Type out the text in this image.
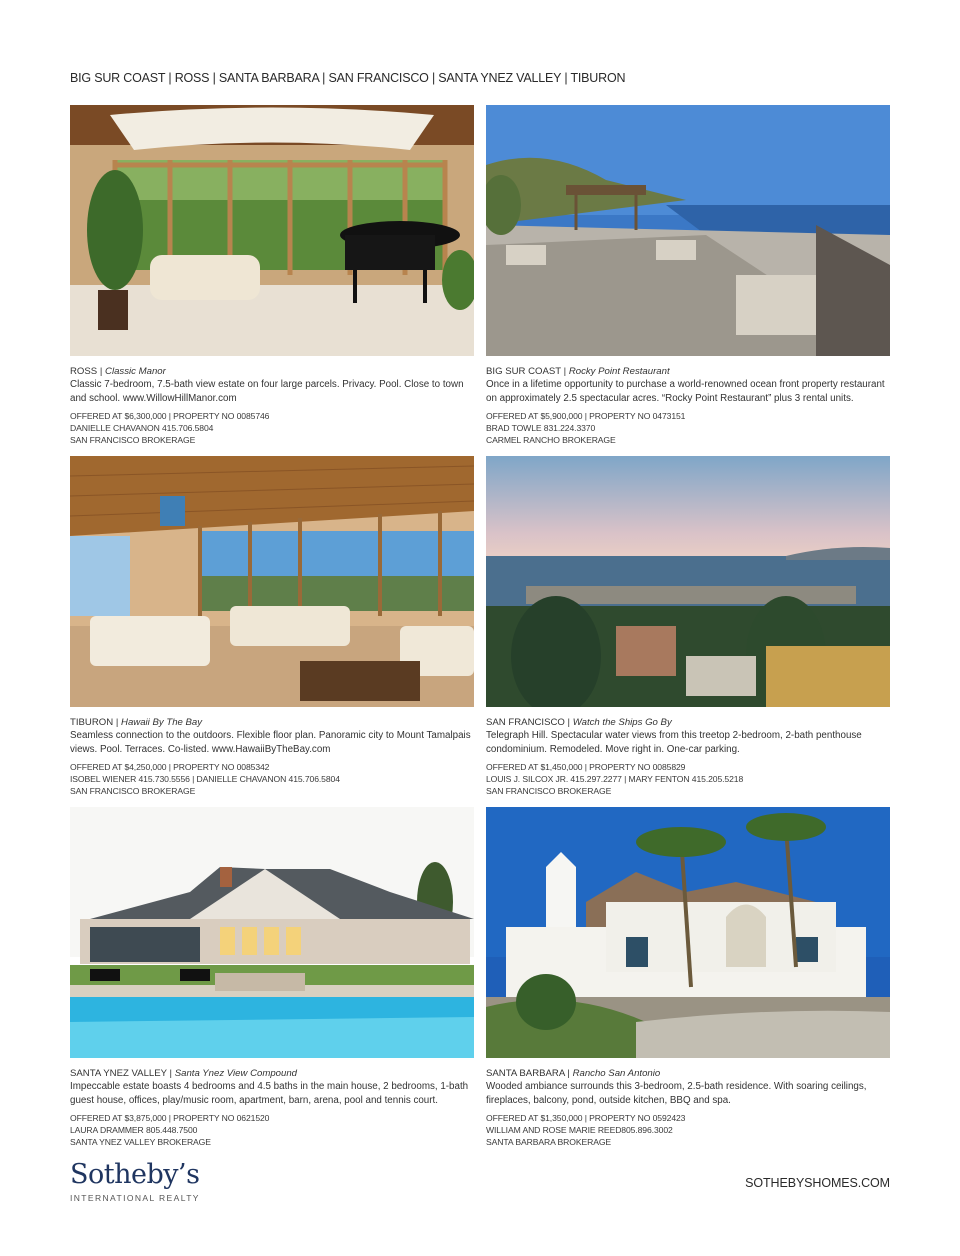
BIG SUR COAST | ROSS | SANTA BARBARA | SAN FRANCISCO | SANTA YNEZ VALLEY | TIBURON
ROSS | Classic Manor
Classic 7-bedroom, 7.5-bath view estate on four large parcels. Privacy. Pool. Close to town and school. www.WillowHillManor.com
OFFERED AT $6,300,000 | PROPERTY NO 0085746
DANIELLE CHAVANON 415.706.5804
SAN FRANCISCO BROKERAGE
BIG SUR COAST | Rocky Point Restaurant
Once in a lifetime opportunity to purchase a world-renowned ocean front property restaurant on approximately 2.5 spectacular acres. “Rocky Point Restaurant” plus 3 rental units.
OFFERED AT $5,900,000 | PROPERTY NO 0473151
BRAD TOWLE 831.224.3370
CARMEL RANCHO BROKERAGE
TIBURON | Hawaii By The Bay
Seamless connection to the outdoors. Flexible floor plan. Panoramic city to Mount Tamalpais views. Pool. Terraces. Co-listed. www.HawaiiByTheBay.com
OFFERED AT $4,250,000 | PROPERTY NO 0085342
ISOBEL WIENER 415.730.5556 | DANIELLE CHAVANON 415.706.5804
SAN FRANCISCO BROKERAGE
SAN FRANCISCO | Watch the Ships Go By
Telegraph Hill. Spectacular water views from this treetop 2-bedroom, 2-bath penthouse condominium. Remodeled. Move right in. One-car parking.
OFFERED AT $1,450,000 | PROPERTY NO 0085829
LOUIS J. SILCOX JR. 415.297.2277 | MARY FENTON 415.205.5218
SAN FRANCISCO BROKERAGE
SANTA YNEZ VALLEY | Santa Ynez View Compound
Impeccable estate boasts 4 bedrooms and 4.5 baths in the main house, 2 bedrooms, 1-bath guest house, offices, play/music room, apartment, barn, arena, pool and tennis court.
OFFERED AT $3,875,000 | PROPERTY NO 0621520
LAURA DRAMMER 805.448.7500
SANTA YNEZ VALLEY BROKERAGE
SANTA BARBARA | Rancho San Antonio
Wooded ambiance surrounds this 3-bedroom, 2.5-bath residence. With soaring ceilings, fireplaces, balcony, pond, outside kitchen, BBQ and spa.
OFFERED AT $1,350,000 | PROPERTY NO 0592423
WILLIAM AND ROSE MARIE REED805.896.3002
SANTA BARBARA BROKERAGE
Sotheby’s
INTERNATIONAL REALTY
SOTHEBYSHOMES.COM
